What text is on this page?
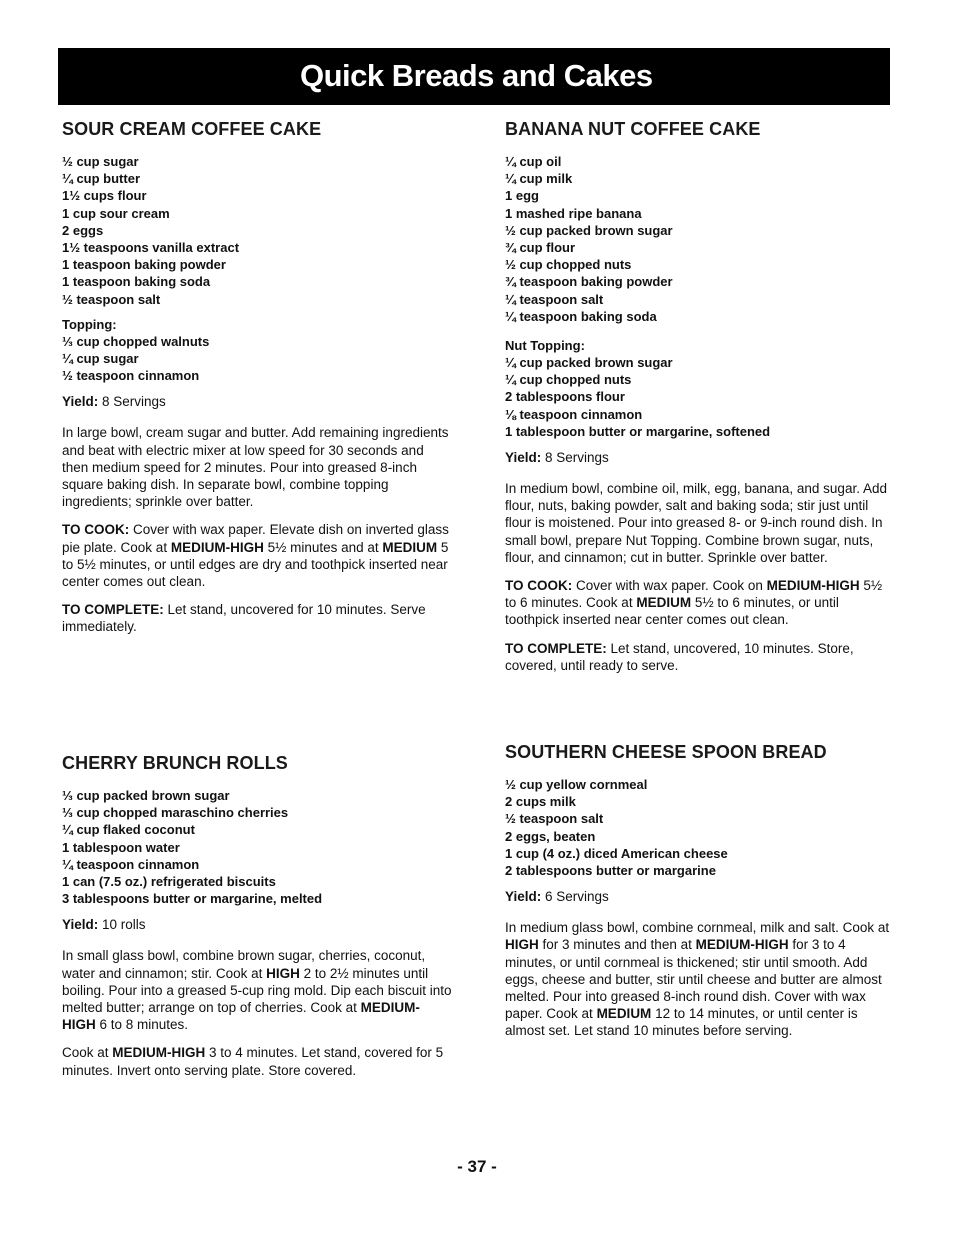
Quick Breads and Cakes
SOUR CREAM COFFEE CAKE
½ cup sugar
¼ cup butter
1½ cups flour
1 cup sour cream
2 eggs
1½ teaspoons vanilla extract
1 teaspoon baking powder
1 teaspoon baking soda
½ teaspoon salt
Topping:
⅓ cup chopped walnuts
¼ cup sugar
½ teaspoon cinnamon
Yield: 8 Servings
In large bowl, cream sugar and butter. Add remaining ingredients and beat with electric mixer at low speed for 30 seconds and then medium speed for 2 minutes. Pour into greased 8-inch square baking dish. In separate bowl, combine topping ingredients; sprinkle over batter.
TO COOK: Cover with wax paper. Elevate dish on inverted glass pie plate. Cook at MEDIUM-HIGH 5½ minutes and at MEDIUM 5 to 5½ minutes, or until edges are dry and toothpick inserted near center comes out clean.
TO COMPLETE: Let stand, uncovered for 10 minutes. Serve immediately.
BANANA NUT COFFEE CAKE
¼ cup oil
¼ cup milk
1 egg
1 mashed ripe banana
½ cup packed brown sugar
¾ cup flour
½ cup chopped nuts
¾ teaspoon baking powder
¼ teaspoon salt
¼ teaspoon baking soda
Nut Topping:
¼ cup packed brown sugar
¼ cup chopped nuts
2 tablespoons flour
⅛ teaspoon cinnamon
1 tablespoon butter or margarine, softened
Yield: 8 Servings
In medium bowl, combine oil, milk, egg, banana, and sugar. Add flour, nuts, baking powder, salt and baking soda; stir just until flour is moistened. Pour into greased 8- or 9-inch round dish. In small bowl, prepare Nut Topping. Combine brown sugar, nuts, flour, and cinnamon; cut in butter. Sprinkle over batter.
TO COOK: Cover with wax paper. Cook on MEDIUM-HIGH 5½ to 6 minutes. Cook at MEDIUM 5½ to 6 minutes, or until toothpick inserted near center comes out clean.
TO COMPLETE: Let stand, uncovered, 10 minutes. Store, covered, until ready to serve.
CHERRY BRUNCH ROLLS
⅓ cup packed brown sugar
⅓ cup chopped maraschino cherries
¼ cup flaked coconut
1 tablespoon water
¼ teaspoon cinnamon
1 can (7.5 oz.) refrigerated biscuits
3 tablespoons butter or margarine, melted
Yield: 10 rolls
In small glass bowl, combine brown sugar, cherries, coconut, water and cinnamon; stir. Cook at HIGH 2 to 2½ minutes until boiling. Pour into a greased 5-cup ring mold. Dip each biscuit into melted butter; arrange on top of cherries. Cook at MEDIUM-HIGH 6 to 8 minutes.
Cook at MEDIUM-HIGH 3 to 4 minutes. Let stand, covered for 5 minutes. Invert onto serving plate. Store covered.
SOUTHERN CHEESE SPOON BREAD
½ cup yellow cornmeal
2 cups milk
½ teaspoon salt
2 eggs, beaten
1 cup (4 oz.) diced American cheese
2 tablespoons butter or margarine
Yield: 6 Servings
In medium glass bowl, combine cornmeal, milk and salt. Cook at HIGH for 3 minutes and then at MEDIUM-HIGH for 3 to 4 minutes, or until cornmeal is thickened; stir until smooth. Add eggs, cheese and butter, stir until cheese and butter are almost melted. Pour into greased 8-inch round dish. Cover with wax paper. Cook at MEDIUM 12 to 14 minutes, or until center is almost set. Let stand 10 minutes before serving.
- 37 -
